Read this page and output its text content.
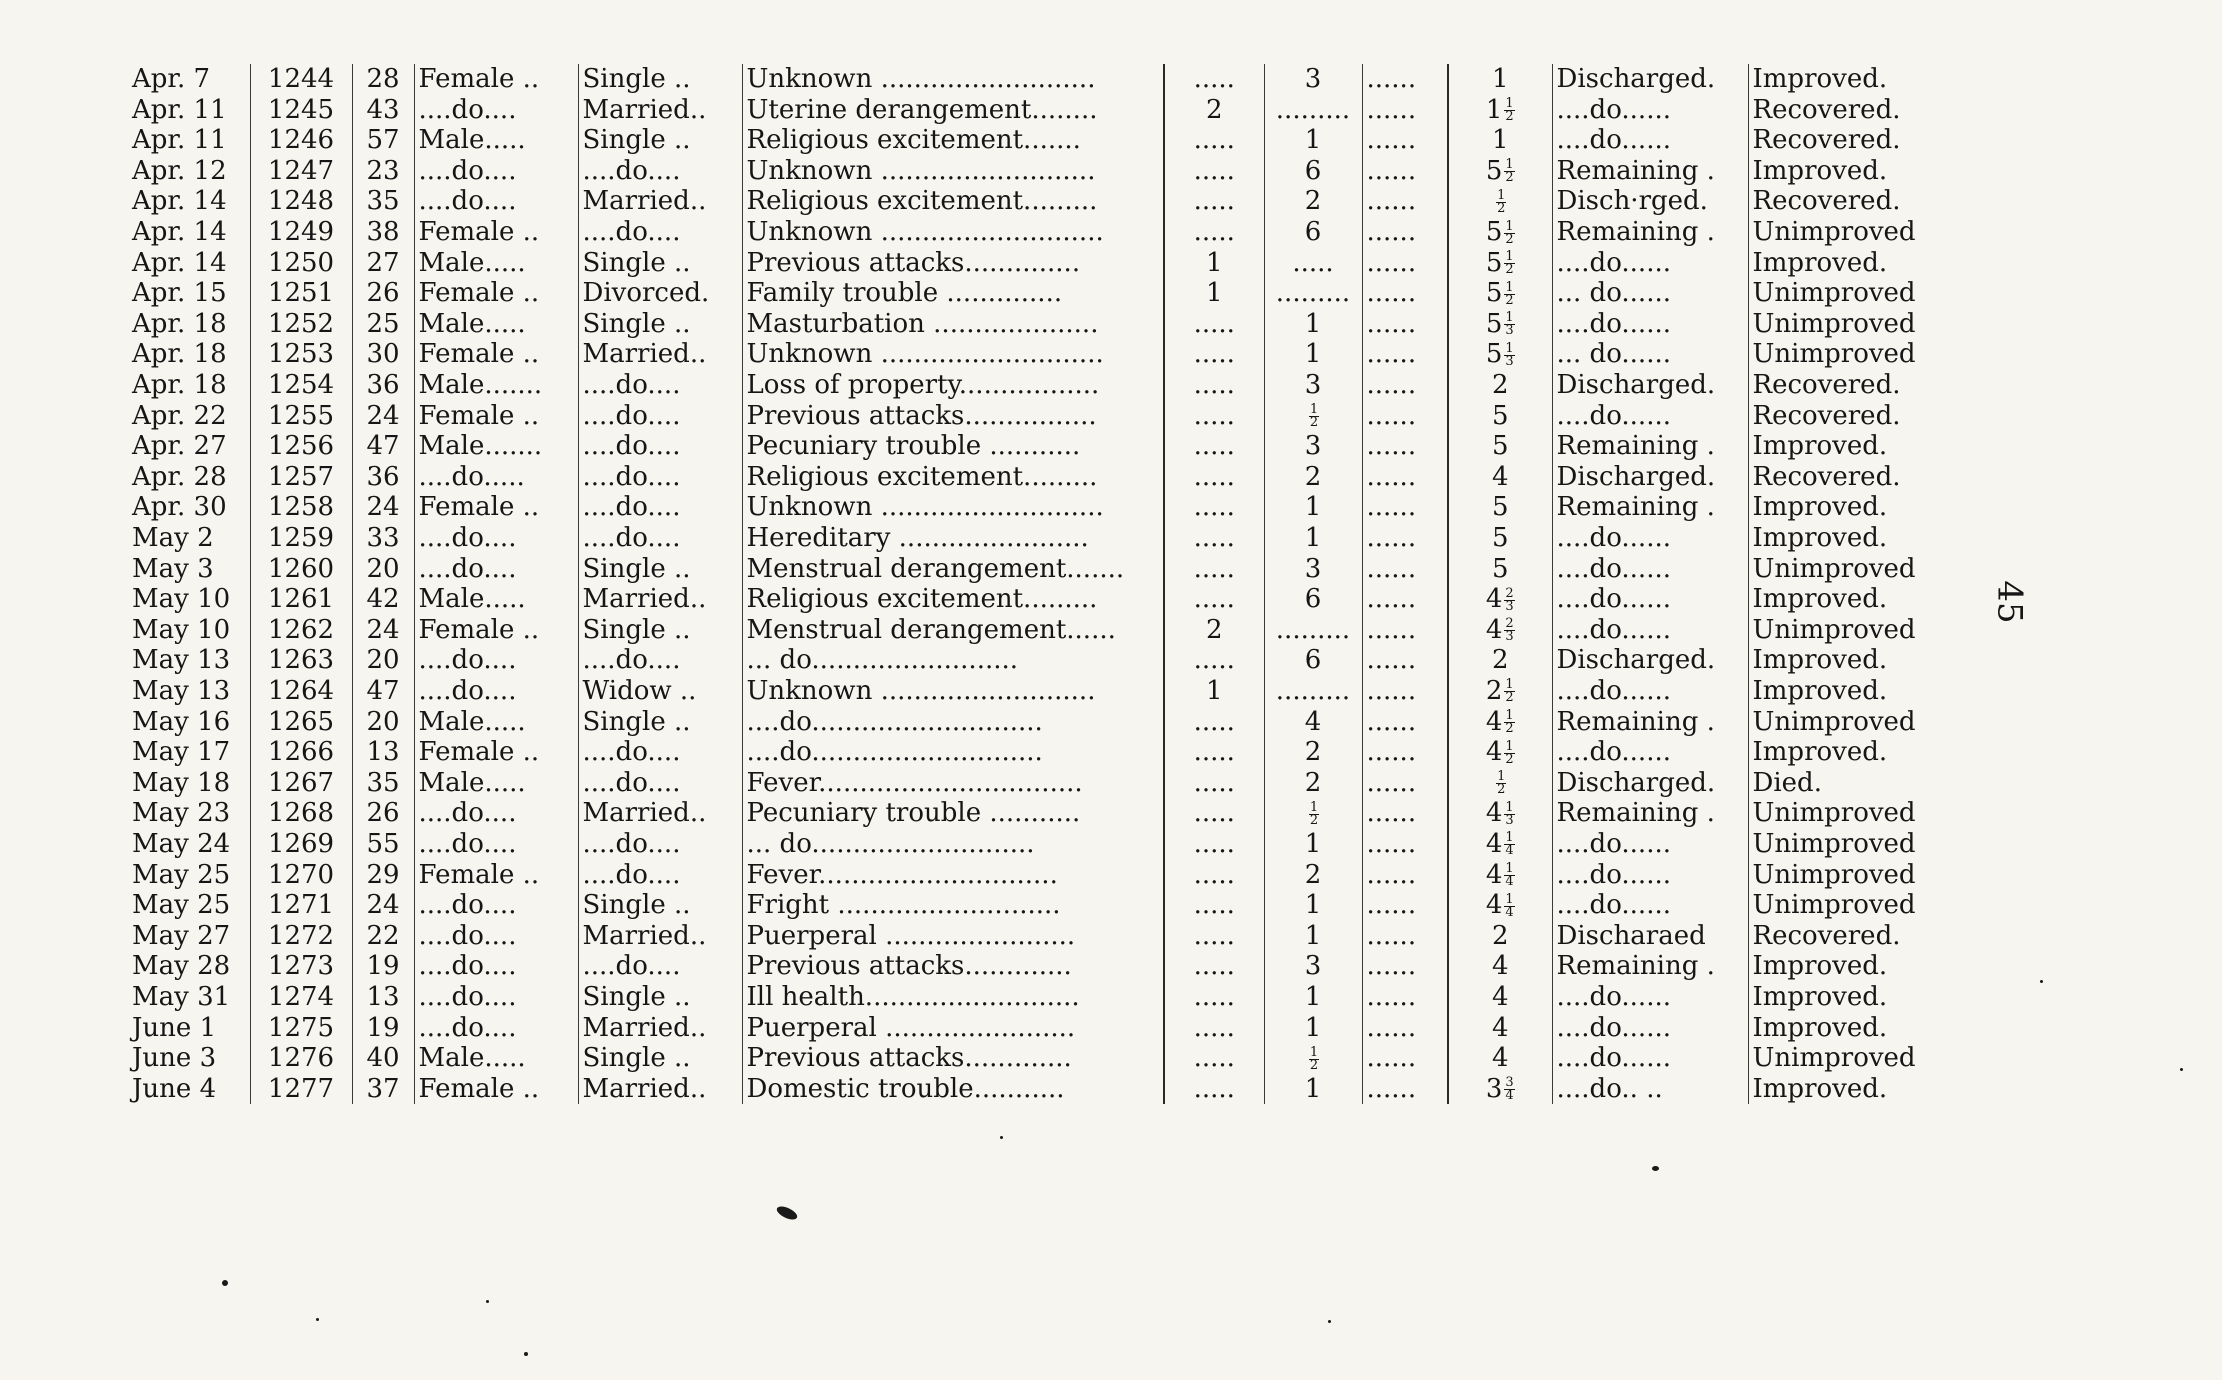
Apr. 7	1244	28	Female ..	Single ..	Unknown ..........................	.....	3	......	1	Discharged.	Improved.
Apr. 11	1245	43	....do....	Married..	Uterine derangement........	2	.........	......	$1 \frac{1}{2}$	....do......	Recovered.
Apr. 11	1246	57	Male.....	Single ..	Religious excitement.......	.....	1	......	1	....do......	Recovered.
Apr. 12	1247	23	....do....	....do....	Unknown ..........................	.....	6	......	$5 \frac{1}{2}$	Remaining .	Improved.
Apr. 14	1248	35	....do....	Married..	Religious excitement.........	.....	2	......	$\frac{1}{2}$	Disch·rged.	Recovered.
Apr. 14	1249	38	Female ..	....do....	Unknown ...........................	.....	6	......	$5 \frac{1}{2}$	Remaining .	Unimproved
Apr. 14	1250	27	Male.....	Single ..	Previous attacks..............	1	.....	......	$5 \frac{1}{2}$	....do......	Improved.
Apr. 15	1251	26	Female ..	Divorced.	Family trouble ..............	1	.........	......	$5 \frac{1}{2}$	... do......	Unimproved
Apr. 18	1252	25	Male.....	Single ..	Masturbation ....................	.....	1	......	$5 \frac{1}{3}$	....do......	Unimproved
Apr. 18	1253	30	Female ..	Married..	Unknown ...........................	.....	1	......	$5 \frac{1}{3}$	... do......	Unimproved
Apr. 18	1254	36	Male.......	....do....	Loss of property.................	.....	3	......	2	Discharged.	Recovered.
Apr. 22	1255	24	Female ..	....do....	Previous attacks................	.....	$\frac{1}{2}$	......	5	....do......	Recovered.
Apr. 27	1256	47	Male.......	....do....	Pecuniary trouble ...........	.....	3	......	5	Remaining .	Improved.
Apr. 28	1257	36	....do.....	....do....	Religious excitement.........	.....	2	......	4	Discharged.	Recovered.
Apr. 30	1258	24	Female ..	....do....	Unknown ...........................	.....	1	......	5	Remaining .	Improved.
May 2	1259	33	....do....	....do....	Hereditary .......................	.....	1	......	5	....do......	Improved.
May 3	1260	20	....do....	Single ..	Menstrual derangement.......	.....	3	......	5	....do......	Unimproved
May 10	1261	42	Male.....	Married..	Religious excitement.........	.....	6	......	$4 \frac{2}{3}$	....do......	Improved.
May 10	1262	24	Female ..	Single ..	Menstrual derangement......	2	.........	......	$4 \frac{2}{3}$	....do......	Unimproved
May 13	1263	20	....do....	....do....	... do.........................	.....	6	......	2	Discharged.	Improved.
May 13	1264	47	....do....	Widow ..	Unknown ..........................	1	.........	......	$2 \frac{1}{2}$	....do......	Improved.
May 16	1265	20	Male.....	Single ..	....do............................	.....	4	......	$4 \frac{1}{2}$	Remaining .	Unimproved
May 17	1266	13	Female ..	....do....	....do............................	.....	2	......	$4 \frac{1}{2}$	....do......	Improved.
May 18	1267	35	Male.....	....do....	Fever................................	.....	2	......	$\frac{1}{2}$	Discharged.	Died.
May 23	1268	26	....do....	Married..	Pecuniary trouble ...........	.....	$\frac{1}{2}$	......	$4 \frac{1}{3}$	Remaining .	Unimproved
May 24	1269	55	....do....	....do....	... do...........................	.....	1	......	$4 \frac{1}{4}$	....do......	Unimproved
May 25	1270	29	Female ..	....do....	Fever.............................	.....	2	......	$4 \frac{1}{4}$	....do......	Unimproved
May 25	1271	24	....do....	Single ..	Fright ...........................	.....	1	......	$4 \frac{1}{4}$	....do......	Unimproved
May 27	1272	22	....do....	Married..	Puerperal .......................	.....	1	......	2	Discharaed	Recovered.
May 28	1273	19	....do....	....do....	Previous attacks.............	.....	3	......	4	Remaining .	Improved.
May 31	1274	13	....do....	Single ..	Ill health..........................	.....	1	......	4	....do......	Improved.
June 1	1275	19	....do....	Married..	Puerperal .......................	.....	1	......	4	....do......	Improved.
June 3	1276	40	Male.....	Single ..	Previous attacks.............	.....	$\frac{1}{2}$	......	4	....do......	Unimproved
June 4	1277	37	Female ..	Married..	Domestic trouble...........	.....	1	......	$3 \frac{3}{4}$	....do.. ..	Improved.
45
